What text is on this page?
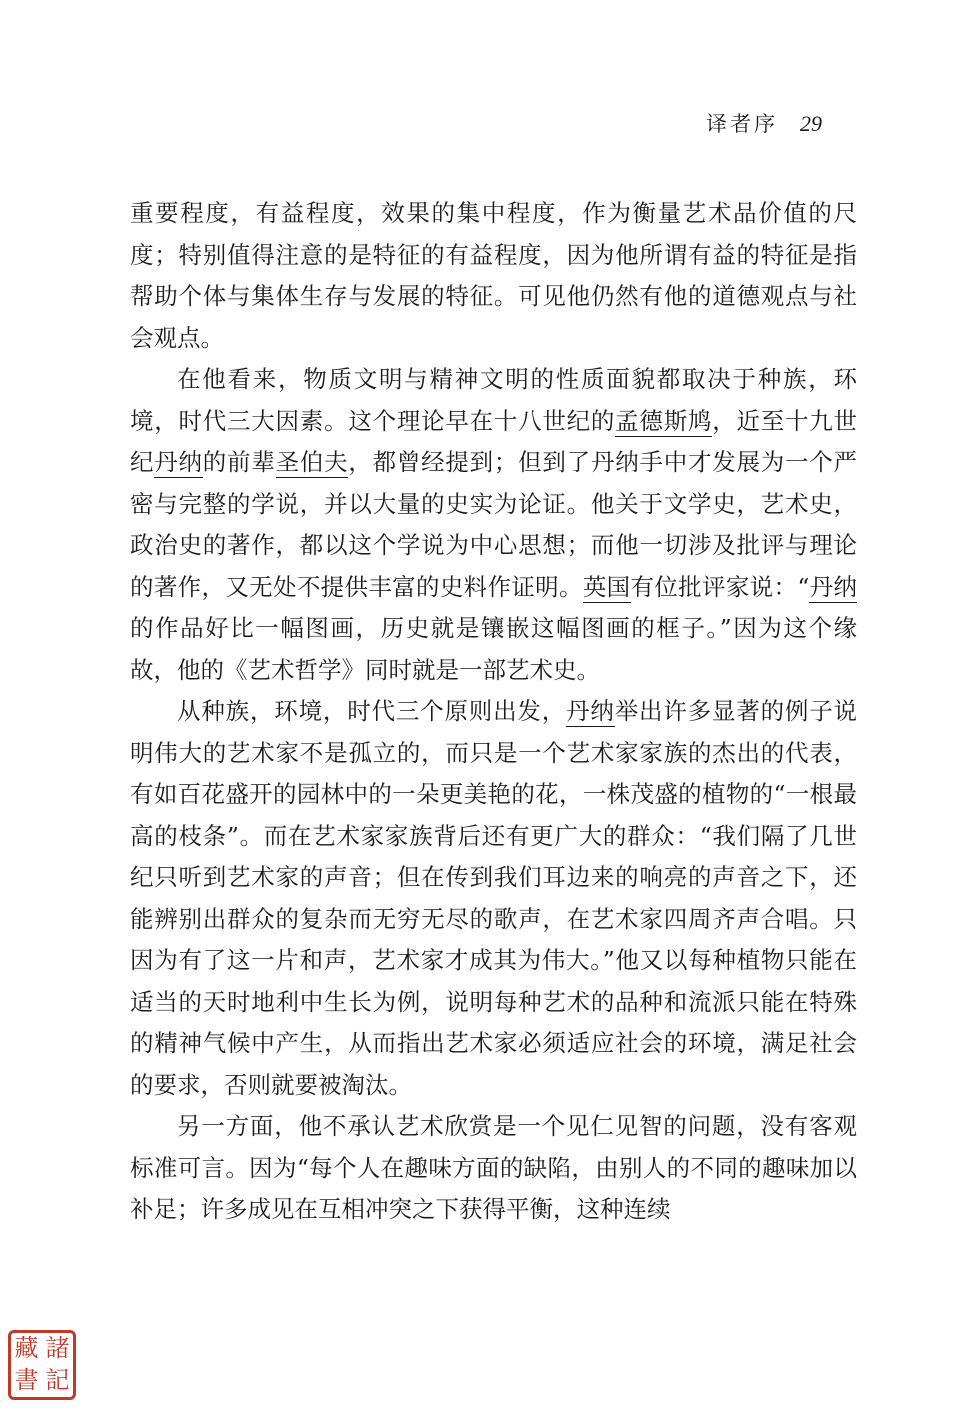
译者序 29

重要程度，有益程度，效果的集中程度，作为衡量艺术品价值的尺度；特别值得注意的是特征的有益程度，因为他所谓有益的特征是指帮助个体与集体生存与发展的特征。可见他仍然有他的道德观点与社会观点。

在他看来，物质文明与精神文明的性质面貌都取决于种族，环境，时代三大因素。这个理论早在十八世纪的孟德斯鸠，近至十九世纪丹纳的前辈圣伯夫，都曾经提到；但到了丹纳手中才发展为一个严密与完整的学说，并以大量的史实为论证。他关于文学史，艺术史，政治史的著作，都以这个学说为中心思想；而他一切涉及批评与理论的著作，又无处不提供丰富的史料作证明。英国有位批评家说：“丹纳的作品好比一幅图画，历史就是镶嵌这幅图画的框子。”因为这个缘故，他的《艺术哲学》同时就是一部艺术史。

从种族，环境，时代三个原则出发，丹纳举出许多显著的例子说明伟大的艺术家不是孤立的，而只是一个艺术家家族的杰出的代表，有如百花盛开的园林中的一朵更美艳的花，一株茂盛的植物的“一根最高的枝条”。而在艺术家家族背后还有更广大的群众：“我们隔了几世纪只听到艺术家的声音；但在传到我们耳边来的响亮的声音之下，还能辨别出群众的复杂而无穷无尽的歌声，在艺术家四周齐声合唱。只因为有了这一片和声，艺术家才成其为伟大。”他又以每种植物只能在适当的天时地利中生长为例，说明每种艺术的品种和流派只能在特殊的精神气候中产生，从而指出艺术家必须适应社会的环境，满足社会的要求，否则就要被淘汰。

另一方面，他不承认艺术欣赏是一个见仁见智的问题，没有客观标准可言。因为“每个人在趣味方面的缺陷，由别人的不同的趣味加以补足；许多成见在互相冲突之下获得平衡，这种连续

藏 諸
書 記
